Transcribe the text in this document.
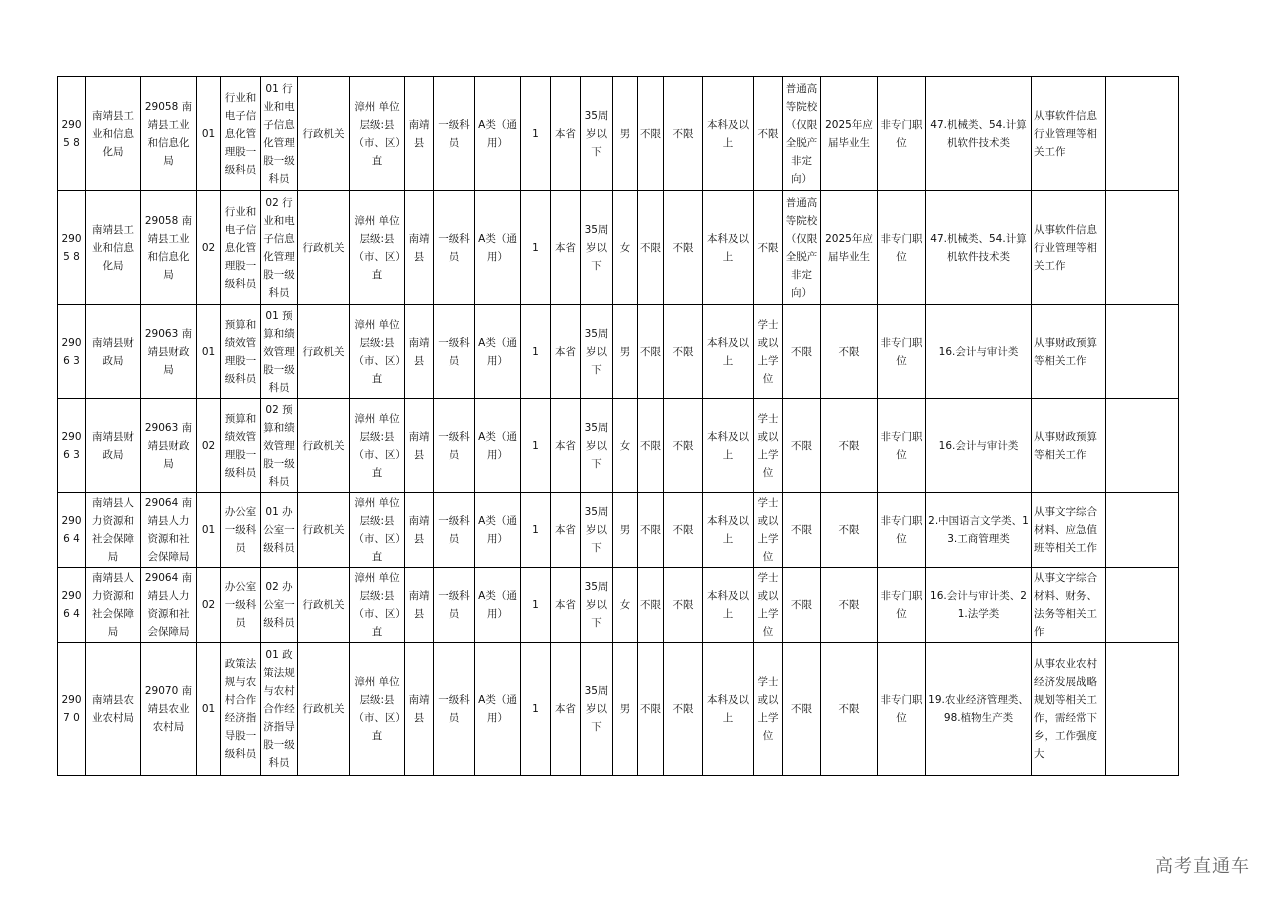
2905 8	南靖县工业和信息化局	29058 南靖县工业和信息化局	01	行业和电子信息化管理股一级科员	01 行业和电子信息化管理股一级科员	行政机关	漳州 单位层级:县（市、区）直	南靖县	一级科员	A类（通用）	1	本省	35周岁以下	男	不限	不限	本科及以上	不限	普通高等院校（仅限全脱产非定向）	2025年应届毕业生	非专门职位	47.机械类、54.计算机软件技术类	从事软件信息行业管理等相关工作	
2905 8	南靖县工业和信息化局	29058 南靖县工业和信息化局	02	行业和电子信息化管理股一级科员	02 行业和电子信息化管理股一级科员	行政机关	漳州 单位层级:县（市、区）直	南靖县	一级科员	A类（通用）	1	本省	35周岁以下	女	不限	不限	本科及以上	不限	普通高等院校（仅限全脱产非定向）	2025年应届毕业生	非专门职位	47.机械类、54.计算机软件技术类	从事软件信息行业管理等相关工作	
2906 3	南靖县财政局	29063 南靖县财政局	01	预算和绩效管理股一级科员	01 预算和绩效管理股一级科员	行政机关	漳州 单位层级:县（市、区）直	南靖县	一级科员	A类（通用）	1	本省	35周岁以下	男	不限	不限	本科及以上	学士或以上学位	不限	不限	非专门职位	16.会计与审计类	从事财政预算等相关工作	
2906 3	南靖县财政局	29063 南靖县财政局	02	预算和绩效管理股一级科员	02 预算和绩效管理股一级科员	行政机关	漳州 单位层级:县（市、区）直	南靖县	一级科员	A类（通用）	1	本省	35周岁以下	女	不限	不限	本科及以上	学士或以上学位	不限	不限	非专门职位	16.会计与审计类	从事财政预算等相关工作	
2906 4	南靖县人力资源和社会保障局	29064 南靖县人力资源和社会保障局	01	办公室一级科员	01 办公室一级科员	行政机关	漳州 单位层级:县（市、区）直	南靖县	一级科员	A类（通用）	1	本省	35周岁以下	男	不限	不限	本科及以上	学士或以上学位	不限	不限	非专门职位	2.中国语言文学类、13.工商管理类	从事文字综合材料、应急值班等相关工作	
2906 4	南靖县人力资源和社会保障局	29064 南靖县人力资源和社会保障局	02	办公室一级科员	02 办公室一级科员	行政机关	漳州 单位层级:县（市、区）直	南靖县	一级科员	A类（通用）	1	本省	35周岁以下	女	不限	不限	本科及以上	学士或以上学位	不限	不限	非专门职位	16.会计与审计类、21.法学类	从事文字综合材料、财务、法务等相关工作	
2907 0	南靖县农业农村局	29070 南靖县农业农村局	01	政策法规与农村合作经济指导股一级科员	01 政策法规与农村合作经济指导股一级科员	行政机关	漳州 单位层级:县（市、区）直	南靖县	一级科员	A类（通用）	1	本省	35周岁以下	男	不限	不限	本科及以上	学士或以上学位	不限	不限	非专门职位	19.农业经济管理类、98.植物生产类	从事农业农村经济发展战略规划等相关工作，需经常下乡，工作强度大	
高考直通车
